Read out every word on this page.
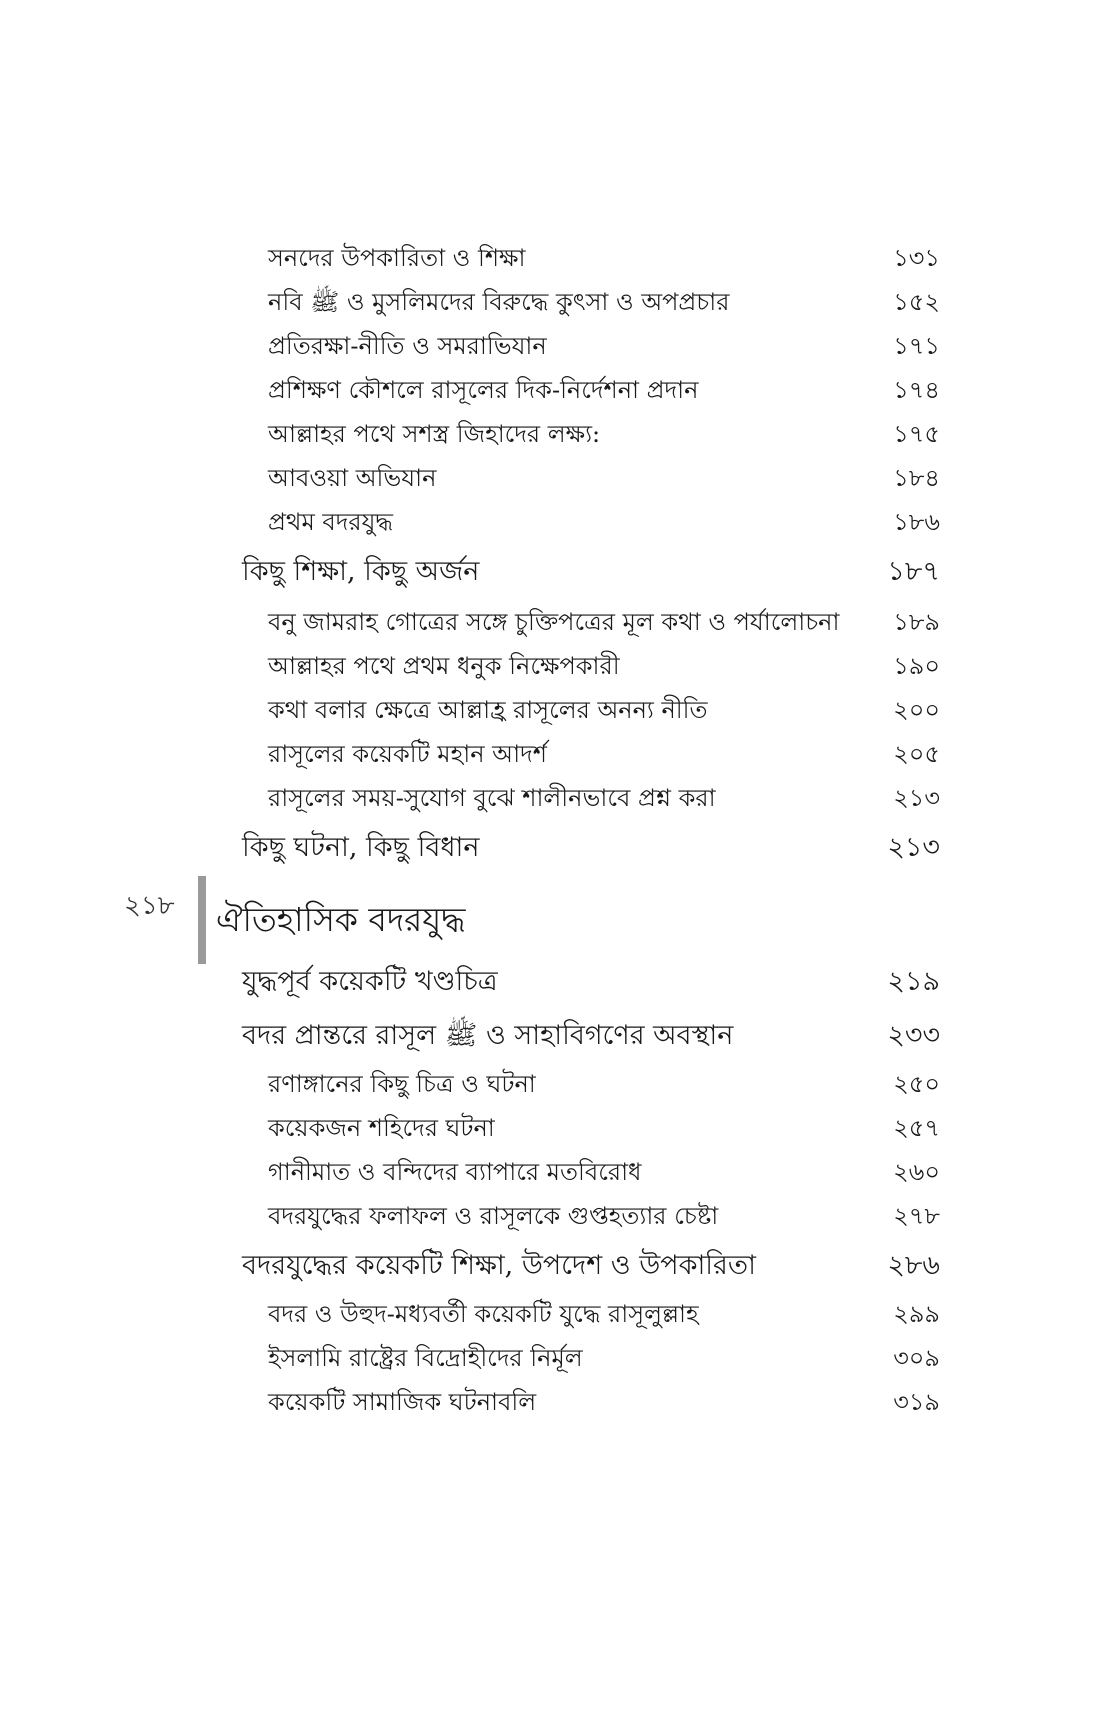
সনদের উপকারিতা ও শিক্ষা	১৩১
নবি ﷺ ও মুসলিমদের বিরুদ্ধে কুৎসা ও অপপ্রচার	১৫২
প্রতিরক্ষা-নীতি ও সমরাভিযান	১৭১
প্রশিক্ষণ কৌশলে রাসূলের দিক-নির্দেশনা প্রদান	১৭৪
আল্লাহর পথে সশস্ত্র জিহাদের লক্ষ্য:	১৭৫
আবওয়া অভিযান	১৮৪
প্রথম বদরযুদ্ধ	১৮৬
কিছু শিক্ষা, কিছু অর্জন	১৮৭
বনু জামরাহ গোত্রের সঙ্গে চুক্তিপত্রের মূল কথা ও পর্যালোচনা ১৮৯
আল্লাহর পথে প্রথম ধনুক নিক্ষেপকারী	১৯০
কথা বলার ক্ষেত্রে আল্লাহ্র রাসূলের অনন্য নীতি	২০০
রাসূলের কয়েকটি মহান আদর্শ	২০৫
রাসূলের সময়-সুযোগ বুঝে শালীনভাবে প্রশ্ন করা	২১৩
কিছু ঘটনা, কিছু বিধান	২১৩
২১৮ ঐতিহাসিক বদরযুদ্ধ
যুদ্ধপূর্ব কয়েকটি খণ্ডচিত্র	২১৯
বদর প্রান্তরে রাসূল ﷺ ও সাহাবিগণের অবস্থান	২৩৩
রণাঙ্গানের কিছু চিত্র ও ঘটনা	২৫০
কয়েকজন শহিদের ঘটনা	২৫৭
গানীমাত ও বন্দিদের ব্যাপারে মতবিরোধ	২৬০
বদরযুদ্ধের ফলাফল ও রাসূলকে গুপ্তহত্যার চেষ্টা	২৭৮
বদরযুদ্ধের কয়েকটি শিক্ষা, উপদেশ ও উপকারিতা	২৮৬
বদর ও উহুদ-মধ্যবর্তী কয়েকটি যুদ্ধে রাসূলুল্লাহ	২৯৯
ইসলামি রাষ্ট্রের বিদ্রোহীদের নির্মূল	৩০৯
কয়েকটি সামাজিক ঘটনাবলি	৩১৯
